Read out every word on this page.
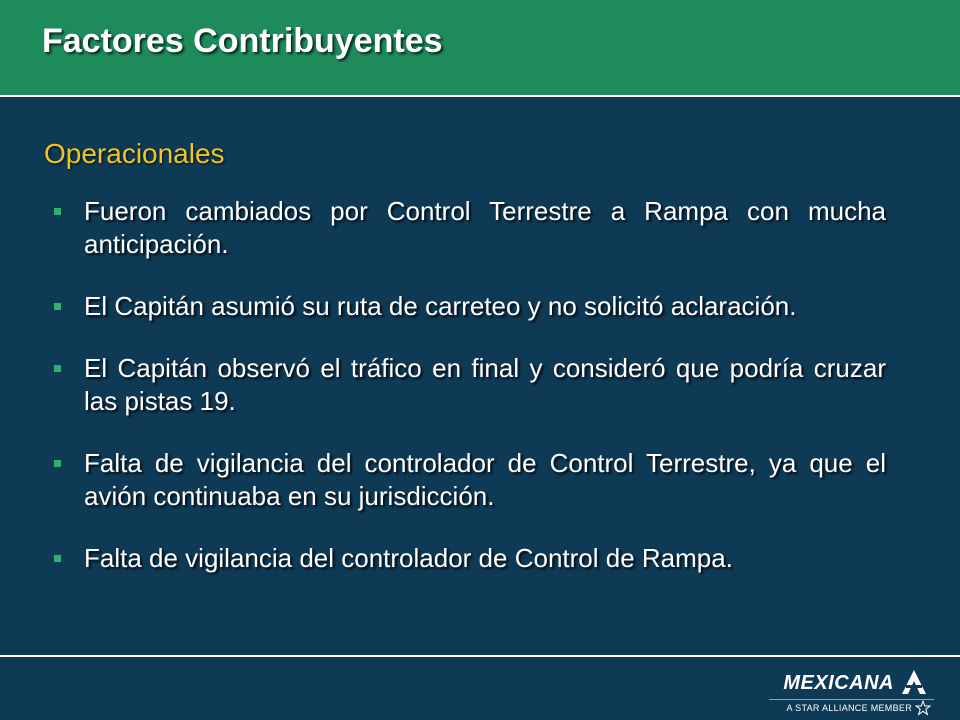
Factores Contribuyentes
Operacionales
Fueron cambiados por Control Terrestre a Rampa con mucha anticipación.
El Capitán asumió su ruta de carreteo y no solicitó aclaración.
El Capitán observó el tráfico en final y consideró que podría cruzar las pistas 19.
Falta de vigilancia del controlador de Control Terrestre, ya que el avión continuaba en su jurisdicción.
Falta de vigilancia del controlador de Control de Rampa.
MEXICANA
A STAR ALLIANCE MEMBER
